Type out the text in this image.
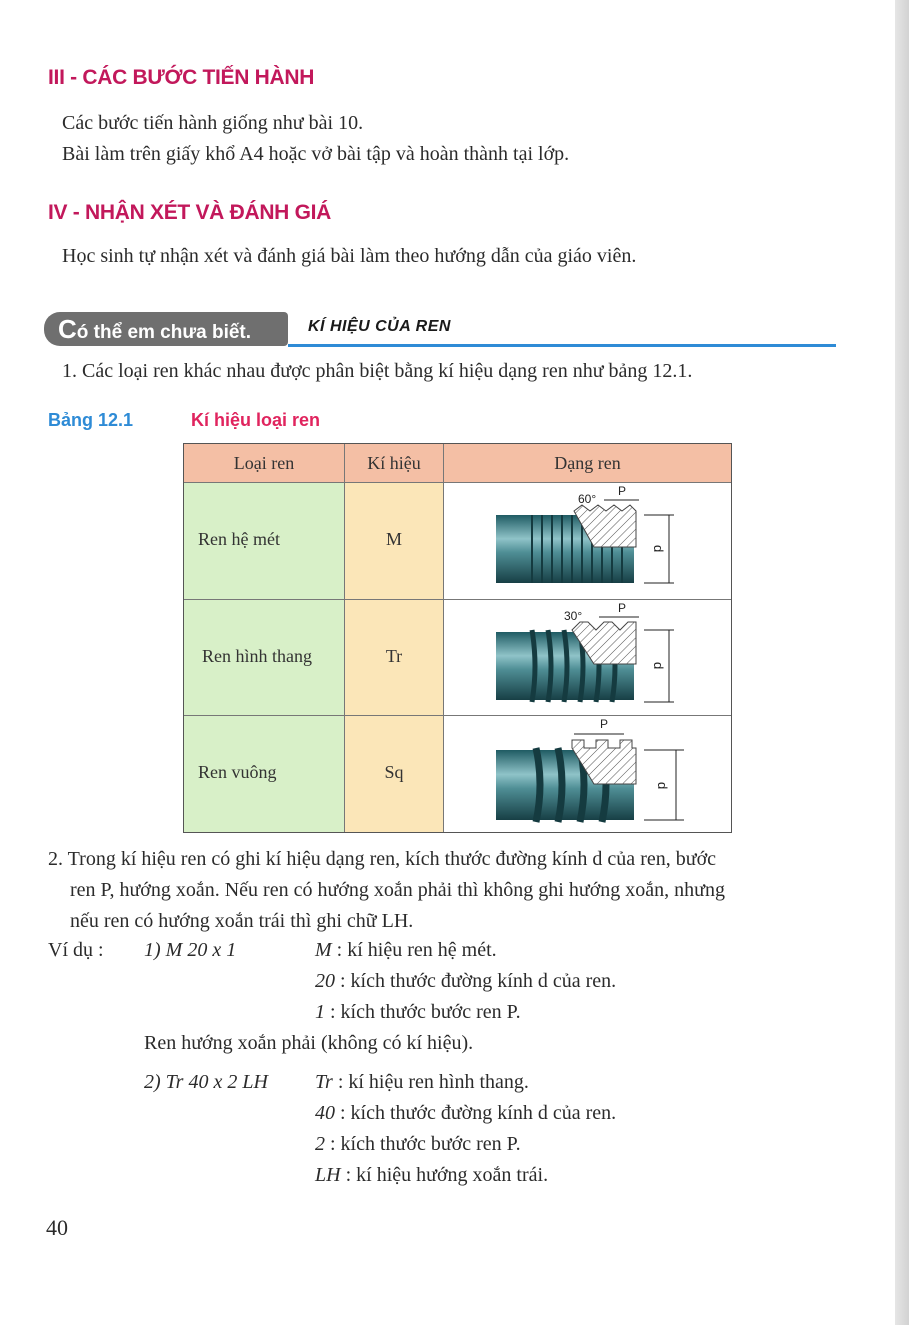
III - CÁC BƯỚC TIẾN HÀNH
Các bước tiến hành giống như bài 10.
Bài làm trên giấy khổ A4 hoặc vở bài tập và hoàn thành tại lớp.
IV - NHẬN XÉT VÀ ĐÁNH GIÁ
Học sinh tự nhận xét và đánh giá bài làm theo hướng dẫn của giáo viên.
Có thể em chưa biết.	KÍ HIỆU CỦA REN
1. Các loại ren khác nhau được phân biệt bằng kí hiệu dạng ren như bảng 12.1.
Bảng 12.1	Kí hiệu loại ren
Loại ren	Kí hiệu	Dạng ren
Ren hệ mét	M
60°
P
d
Ren hình thang	Tr
30°
P
d
Ren vuông	Sq
P
d
2. Trong kí hiệu ren có ghi kí hiệu dạng ren, kích thước đường kính d của ren, bước
ren P, hướng xoắn. Nếu ren có hướng xoắn phải thì không ghi hướng xoắn, nhưng
nếu ren có hướng xoắn trái thì ghi chữ LH.
Ví dụ : 1) M 20 x 1	M : kí hiệu ren hệ mét.
20 : kích thước đường kính d của ren.
1 : kích thước bước ren P.
Ren hướng xoắn phải (không có kí hiệu).
2) Tr 40 x 2 LH Tr : kí hiệu ren hình thang.
40 : kích thước đường kính d của ren.
2 : kích thước bước ren P.
LH : kí hiệu hướng xoắn trái.
40
